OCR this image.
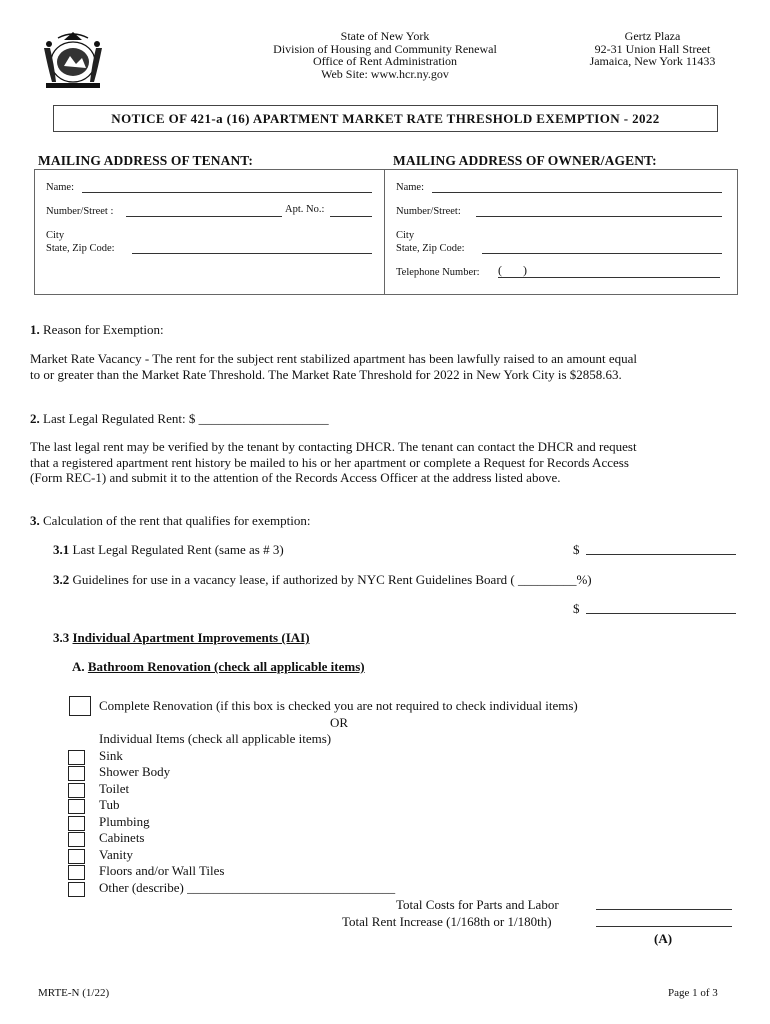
State of New York
Division of Housing and Community Renewal
Office of Rent Administration
Web Site: www.hcr.ny.gov
Gertz Plaza
92-31 Union Hall Street
Jamaica, New York 11433
NOTICE OF 421-a (16) APARTMENT MARKET RATE THRESHOLD EXEMPTION - 2022
MAILING ADDRESS OF TENANT:	MAILING ADDRESS OF OWNER/AGENT:
Name:
Number/Street :	Apt. No.:
City
State, Zip Code:
Name:
Number/Street:
City
State, Zip Code:
Telephone Number: (       )
1. Reason for Exemption:
Market Rate Vacancy - The rent for the subject rent stabilized apartment has been lawfully raised to an amount equal
to or greater than the Market Rate Threshold. The Market Rate Threshold for 2022 in New York City is $2858.63.
2. Last Legal Regulated Rent: $ ____________________
The last legal rent may be verified by the tenant by contacting DHCR. The tenant can contact the DHCR and request
that a registered apartment rent history be mailed to his or her apartment or complete a Request for Records Access
(Form REC-1) and submit it to the attention of the Records Access Officer at the address listed above.
3. Calculation of the rent that qualifies for exemption:
3.1 Last Legal Regulated Rent (same as # 3)	$
3.2 Guidelines for use in a vacancy lease, if authorized by NYC Rent Guidelines Board ( _________%)
$
3.3 Individual Apartment Improvements (IAI)
A. Bathroom Renovation (check all applicable items)
Complete Renovation (if this box is checked you are not required to check individual items)
OR
Individual Items (check all applicable items)
Sink
Shower Body
Toilet
Tub
Plumbing
Cabinets
Vanity
Floors and/or Wall Tiles
Other (describe) ________________________________
Total Costs for Parts and Labor
Total Rent Increase (1/168th or 1/180th)
(A)
MRTE-N (1/22)	Page 1 of 3
